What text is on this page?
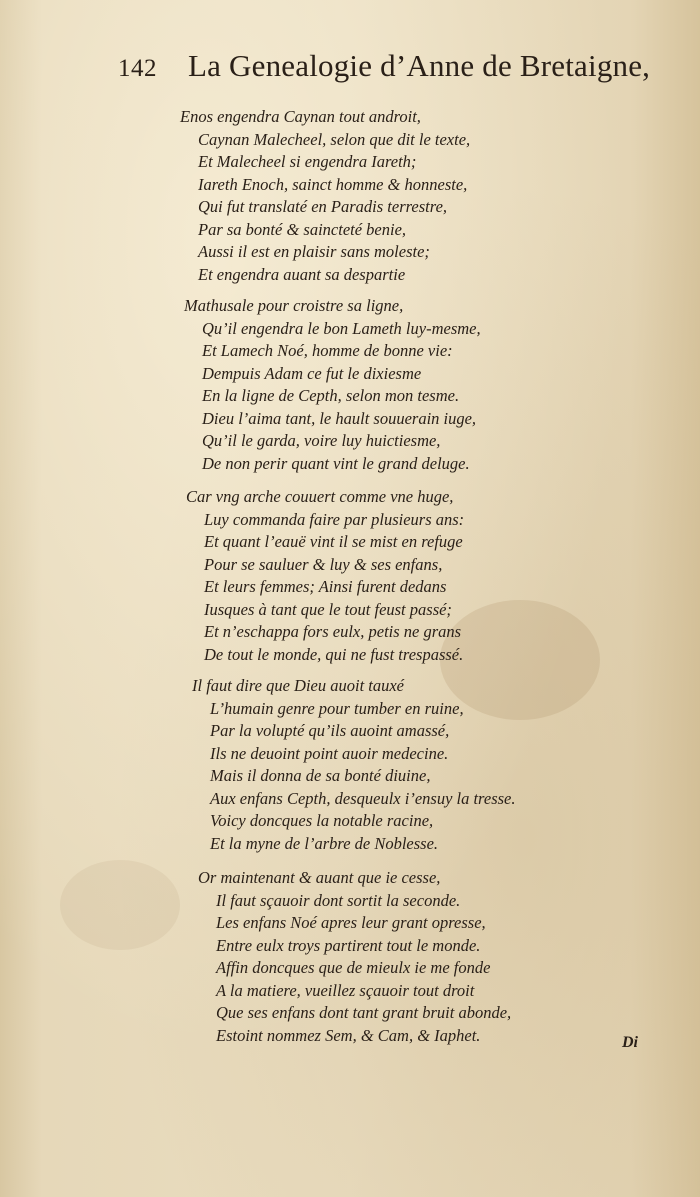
142 La Genealogie d’Anne de Bretaigne,
Enos engendra Caynan tout androit,
Caynan Malecheel, selon que dit le texte,
Et Malecheel si engendra Iareth;
Iareth Enoch, sainct homme & honneste,
Qui fut translaté en Paradis terrestre,
Par sa bonté & saincteté benie,
Aussi il est en plaisir sans moleste;
Et engendra auant sa despartie
Mathusale pour croistre sa ligne,
Qu’il engendra le bon Lameth luy-mesme,
Et Lamech Noé, homme de bonne vie:
Dempuis Adam ce fut le dixiesme
En la ligne de Cepth, selon mon tesme.
Dieu l’aima tant, le hault souuerain iuge,
Qu’il le garda, voire luy huictiesme,
De non perir quant vint le grand deluge.
Car vng arche couuert comme vne huge,
Luy commanda faire par plusieurs ans:
Et quant l’eauë vint il se mist en refuge
Pour se sauluer & luy & ses enfans,
Et leurs femmes; Ainsi furent dedans
Iusques à tant que le tout feust passé;
Et n’eschappa fors eulx, petis ne grans
De tout le monde, qui ne fust trespassé.
Il faut dire que Dieu auoit tauxé
L’humain genre pour tumber en ruine,
Par la volupté qu’ils auoint amassé,
Ils ne deuoint point auoir medecine.
Mais il donna de sa bonté diuine,
Aux enfans Cepth, desqueulx i’ensuy la tresse.
Voicy doncques la notable racine,
Et la myne de l’arbre de Noblesse.
Or maintenant & auant que ie cesse,
Il faut sçauoir dont sortit la seconde.
Les enfans Noé apres leur grant opresse,
Entre eulx troys partirent tout le monde.
Affin doncques que de mieulx ie me fonde
A la matiere, vueillez sçauoir tout droit
Que ses enfans dont tant grant bruit abonde,
Estoint nommez Sem, & Cam, & Iaphet.	Di
